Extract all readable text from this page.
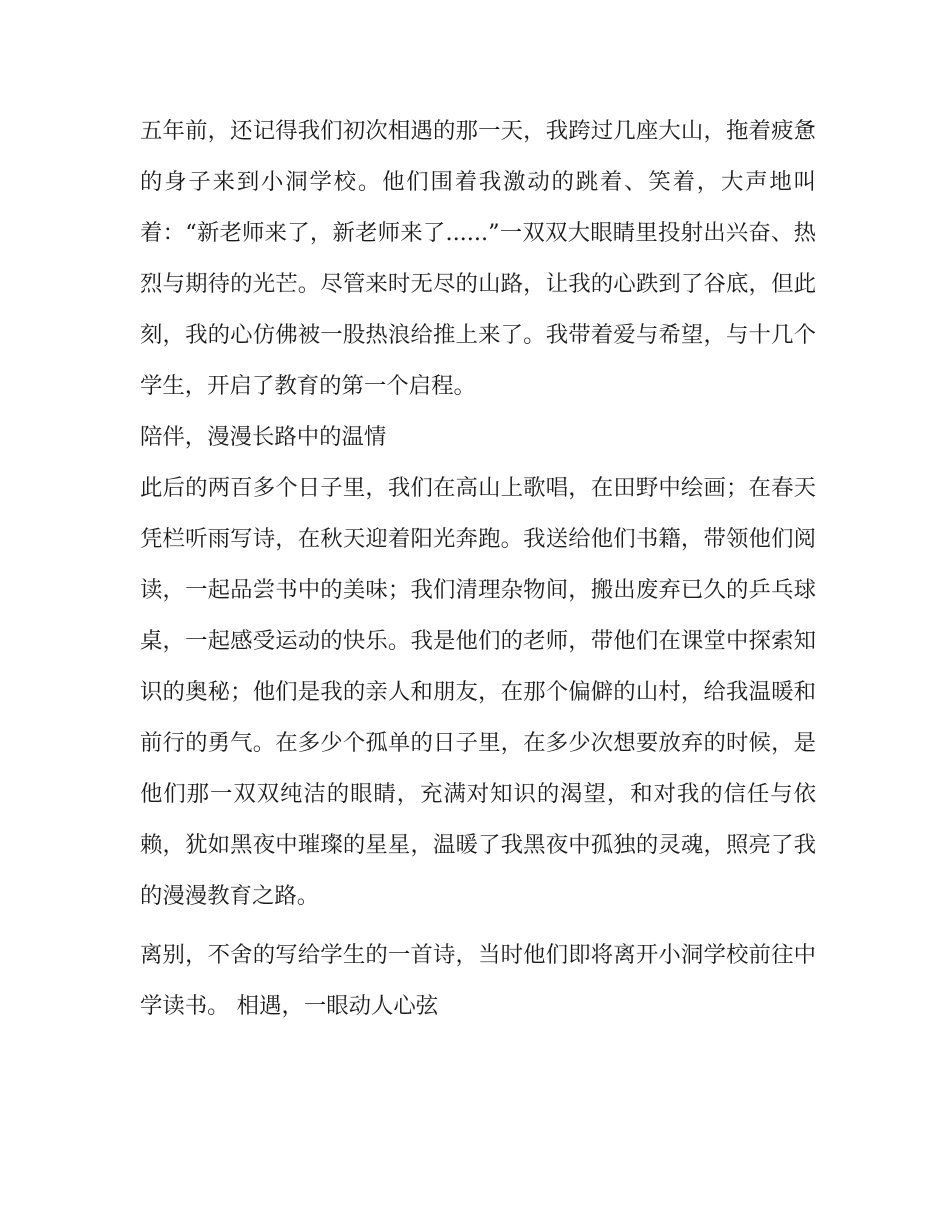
五年前，还记得我们初次相遇的那一天，我跨过几座大山，拖着疲惫的身子来到小洞学校。他们围着我激动的跳着、笑着，大声地叫着：“新老师来了，新老师来了......”一双双大眼睛里投射出兴奋、热烈与期待的光芒。尽管来时无尽的山路，让我的心跌到了谷底，但此刻，我的心仿佛被一股热浪给推上来了。我带着爱与希望，与十几个学生，开启了教育的第一个启程。

陪伴，漫漫长路中的温情

此后的两百多个日子里，我们在高山上歌唱，在田野中绘画；在春天凭栏听雨写诗，在秋天迎着阳光奔跑。我送给他们书籍，带领他们阅读，一起品尝书中的美味；我们清理杂物间，搬出废弃已久的乒乓球桌，一起感受运动的快乐。我是他们的老师，带他们在课堂中探索知识的奥秘；他们是我的亲人和朋友，在那个偏僻的山村，给我温暖和前行的勇气。在多少个孤单的日子里，在多少次想要放弃的时候，是他们那一双双纯洁的眼睛，充满对知识的渴望，和对我的信任与依赖，犹如黑夜中璀璨的星星，温暖了我黑夜中孤独的灵魂，照亮了我的漫漫教育之路。

离别，不舍的写给学生的一首诗，当时他们即将离开小洞学校前往中学读书。 相遇，一眼动人心弦
